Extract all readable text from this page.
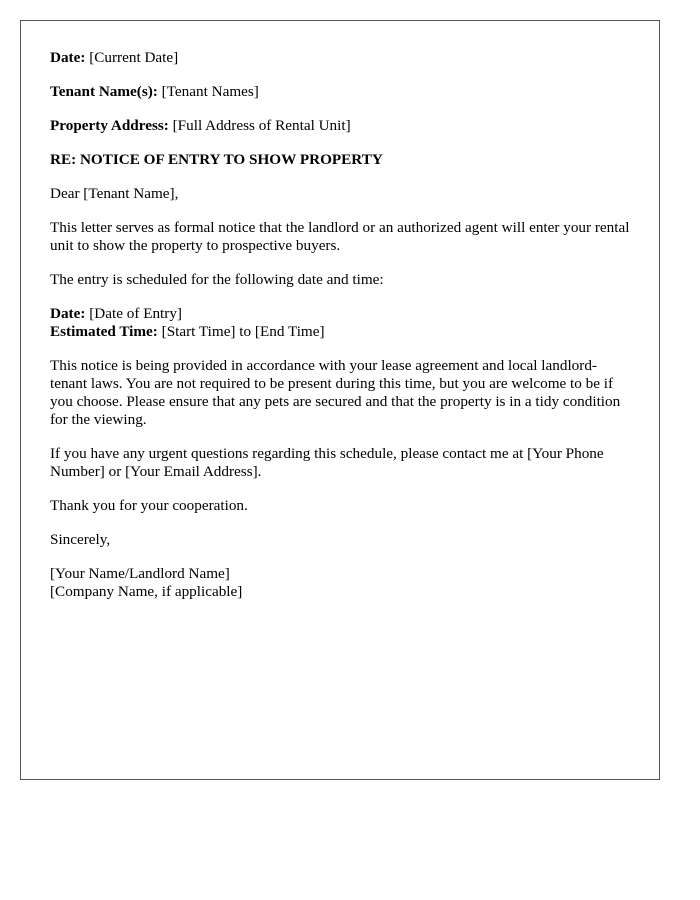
Date: [Current Date]

Tenant Name(s): [Tenant Names]

Property Address: [Full Address of Rental Unit]

RE: NOTICE OF ENTRY TO SHOW PROPERTY

Dear [Tenant Name],

This letter serves as formal notice that the landlord or an authorized agent will enter your rental unit to show the property to prospective buyers.

The entry is scheduled for the following date and time:

Date: [Date of Entry]

Estimated Time: [Start Time] to [End Time]

This notice is being provided in accordance with your lease agreement and local landlord-tenant laws. You are not required to be present during this time, but you are welcome to be if you choose. Please ensure that any pets are secured and that the property is in a tidy condition for the viewing.

If you have any urgent questions regarding this schedule, please contact me at [Your Phone Number] or [Your Email Address].

Thank you for your cooperation.

Sincerely,

[Your Name/Landlord Name]
[Company Name, if applicable]
